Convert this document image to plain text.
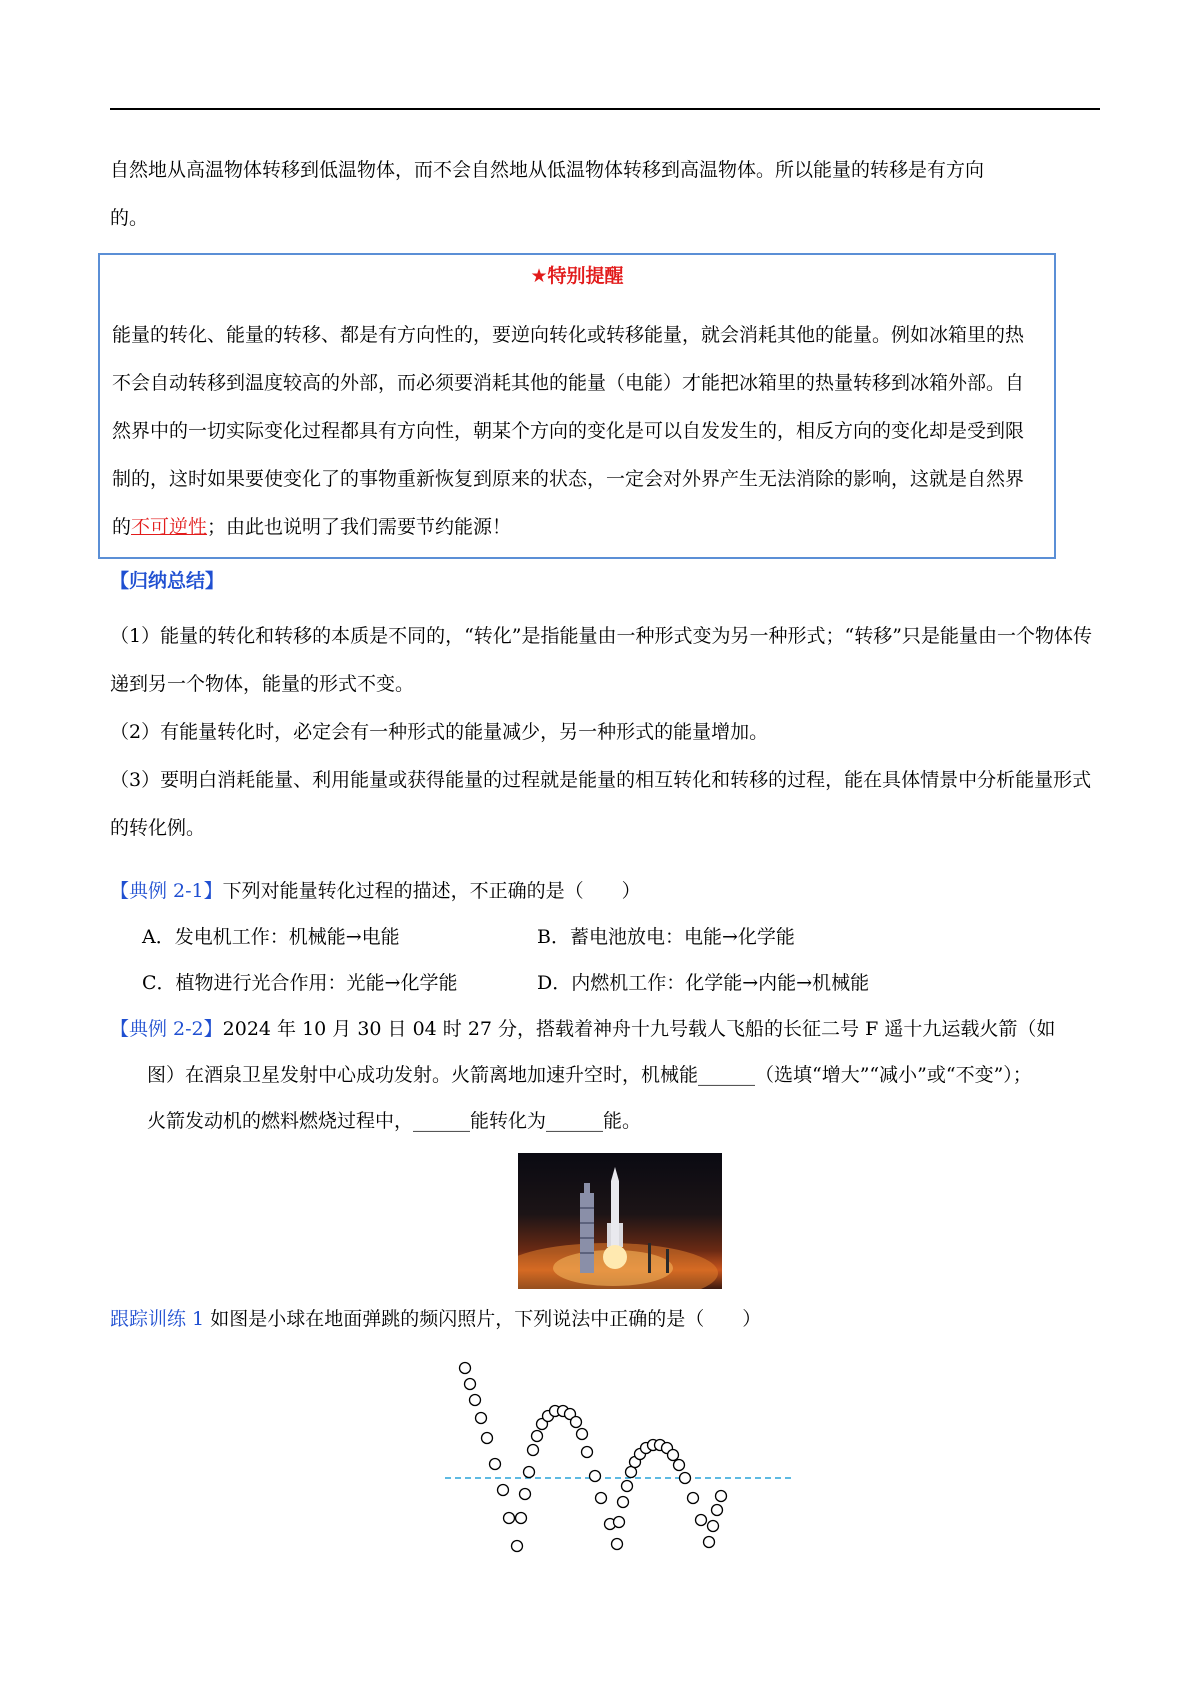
自然地从高温物体转移到低温物体，而不会自然地从低温物体转移到高温物体。所以能量的转移是有方向
的。
★特别提醒
能量的转化、能量的转移、都是有方向性的，要逆向转化或转移能量，就会消耗其他的能量。例如冰箱里的热不会自动转移到温度较高的外部，而必须要消耗其他的能量（电能）才能把冰箱里的热量转移到冰箱外部。自然界中的一切实际变化过程都具有方向性，朝某个方向的变化是可以自发发生的，相反方向的变化却是受到限制的，这时如果要使变化了的事物重新恢复到原来的状态，一定会对外界产生无法消除的影响，这就是自然界的不可逆性；由此也说明了我们需要节约能源！
【归纳总结】
（1）能量的转化和转移的本质是不同的，“转化”是指能量由一种形式变为另一种形式；“转移”只是能量由一个物体传递到另一个物体，能量的形式不变。
（2）有能量转化时，必定会有一种形式的能量减少，另一种形式的能量增加。
（3）要明白消耗能量、利用能量或获得能量的过程就是能量的相互转化和转移的过程，能在具体情景中分析能量形式的转化例。
【典例 2-1】下列对能量转化过程的描述，不正确的是（　　）
A．发电机工作：机械能→电能	B．蓄电池放电：电能→化学能
C．植物进行光合作用：光能→化学能	D．内燃机工作：化学能→内能→机械能
【典例 2-2】2024 年 10 月 30 日 04 时 27 分，搭载着神舟十九号载人飞船的长征二号 F 遥十九运载火箭（如
图）在酒泉卫星发射中心成功发射。火箭离地加速升空时，机械能______（选填“增大”“减小”或“不变”）；
火箭发动机的燃料燃烧过程中，______能转化为______能。
跟踪训练 1 如图是小球在地面弹跳的频闪照片，下列说法中正确的是（　　）
